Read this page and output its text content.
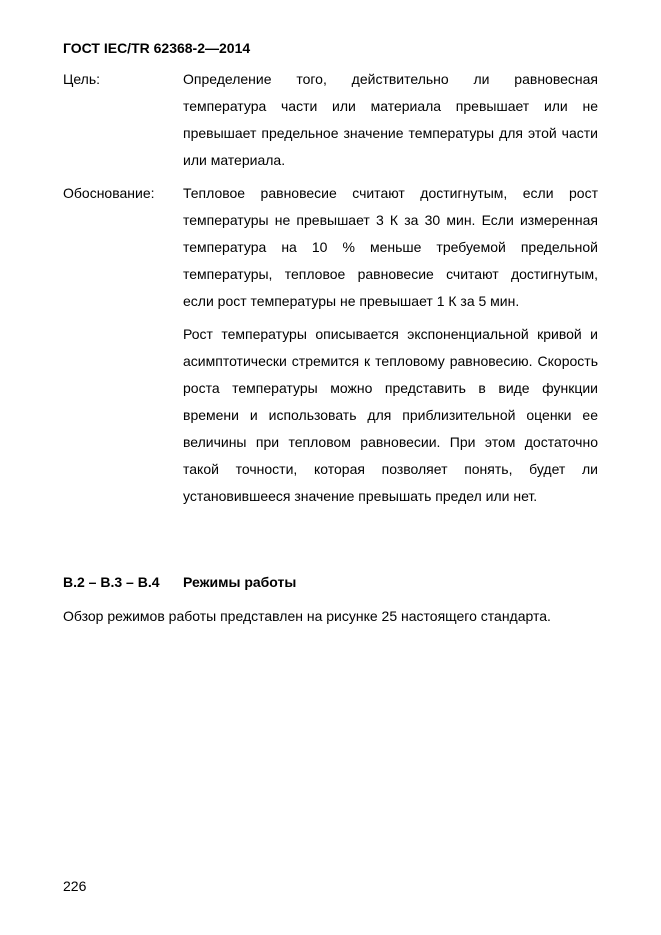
ГОСТ IEC/TR 62368-2—2014
Цель:	Определение того, действительно ли равновесная температура части или материала превышает или не превышает предельное значение температуры для этой части или материала.

Обоснование: Тепловое равновесие считают достигнутым, если рост температуры не превышает 3 К за 30 мин. Если измеренная температура на 10 % меньше требуемой предельной температуры, тепловое равновесие считают достигнутым, если рост температуры не превышает 1 К за 5 мин.

Рост температуры описывается экспоненциальной кривой и асимптотически стремится к тепловому равновесию. Скорость роста температуры можно представить в виде функции времени и использовать для приблизительной оценки ее величины при тепловом равновесии. При этом достаточно такой точности, которая позволяет понять, будет ли установившееся значение превышать предел или нет.

В.2 – В.3 – В.4 Режимы работы

Обзор режимов работы представлен на рисунке 25 настоящего стандарта.

226
